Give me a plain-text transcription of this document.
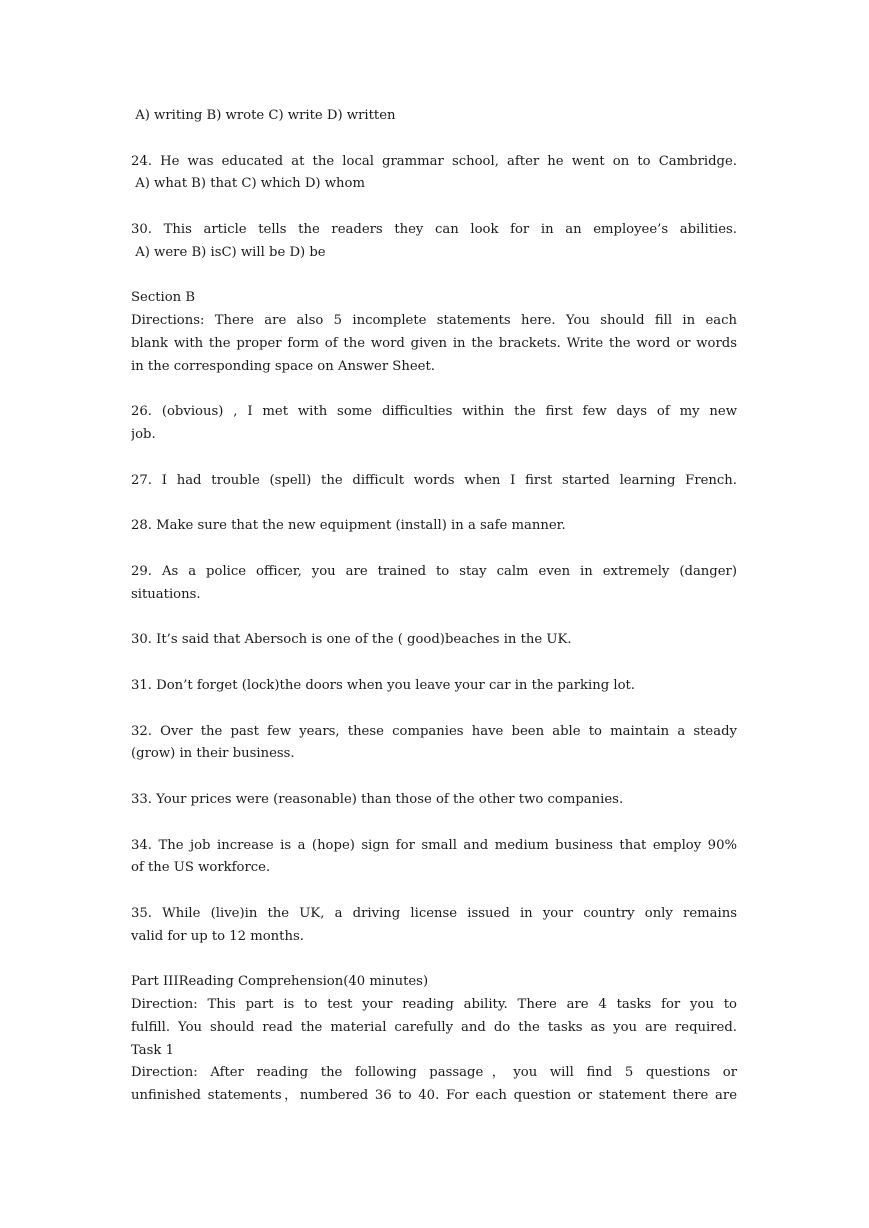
A) writing B) wrote C) write D) written
24. He was educated at the local grammar school, after he went on to Cambridge.
A) what B) that C) which D) whom
30. This article tells the readers they can look for in an employee’s abilities.
A) were B) isC) will be D) be
Section B
Directions: There are also 5 incomplete statements here. You should fill in each
blank with the proper form of the word given in the brackets. Write the word or words
in the corresponding space on Answer Sheet.
26. (obvious) , I met with some difficulties within the first few days of my new
job.
27. I had trouble (spell) the difficult words when I first started learning French.
28. Make sure that the new equipment (install) in a safe manner.
29. As a police officer, you are trained to stay calm even in extremely (danger)
situations.
30. It’s said that Abersoch is one of the ( good)beaches in the UK.
31. Don’t forget (lock)the doors when you leave your car in the parking lot.
32. Over the past few years, these companies have been able to maintain a steady
(grow) in their business.
33. Your prices were (reasonable) than those of the other two companies.
34. The job increase is a (hope) sign for small and medium business that employ 90%
of the US workforce.
35. While (live)in the UK, a driving license issued in your country only remains
valid for up to 12 months.
Part IIIReading Comprehension(40 minutes)
Direction: This part is to test your reading ability. There are 4 tasks for you to
fulfill. You should read the material carefully and do the tasks as you are required.
Task 1
Direction: After reading the following passage，you will find 5 questions or
unfinished statements，numbered 36 to 40. For each question or statement there are
